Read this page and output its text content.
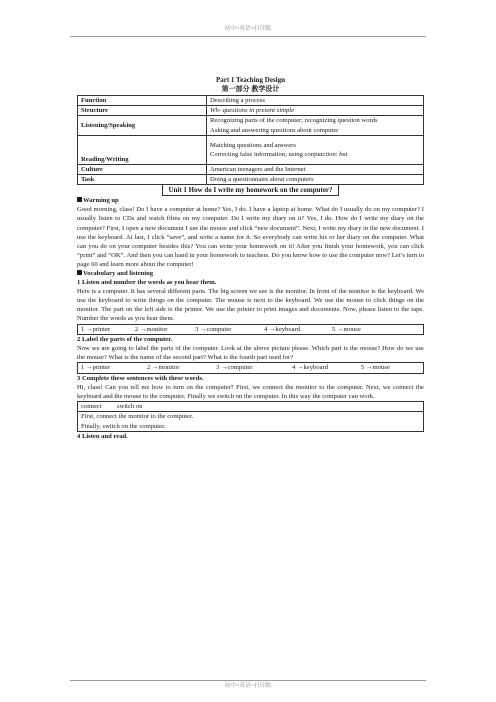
初中=英语=打印版
Part 1 Teaching Design
第一部分 教学设计
Function	Describing a process
Structure	Wh- questions in present simple
Listening/Speaking	Recognizing parts of the computer; recognizing question words
Asking and answering questions about computer

Reading/Writing	Matching questions and answers
Correcting false information; using conjunction: but

Culture	American teenagers and the Internet
Task	Doing a questionnaire about computers
Unit 1 How do I write my homework on the computer?
Warming up

Good morning, class! Do I have a computer at home? Yes, I do. I have a laptop at home. What do I usually do on my computer? I usually listen to CDs and watch films on my computer. Do I write my diary on it? Yes, I do. How do I write my diary on the computer? First, I open a new document I use the mouse and click “new document”. Next, I write my diary in the new document. I use the keyboard. At last, I click “save”, and write a name for it. So everybody can write his or her diary on the computer. What can you do on your computer besides this? You can write your homework on it! After you finish your homework, you can click “print” and “OK”. And then you can hand in your homework to teachers. Do you know how to use the computer now? Let’s turn to page 60 and learn more about the computer!

Vocabulary and listening
1 Listen and number the words as you hear them.

Here is a computer. It has several different parts. The big screen we see is the monitor. In front of the monitor is the keyboard. We use the keyboard to write things on the computer. The mouse is next to the keyboard. We use the mouse to click things on the monitor. The part on the left side is the printer. We use the printer to print images and documents. Now, please listen to the tape. Number the words as you hear them.

1 →printer	2 →monitor	3 →computer	4 →keyboard	5 →mouse
2 Label the parts of the computer.

Now we are going to label the parts of the computer. Look at the above picture please. Which part is the mouse? How do we use the mouse? What is the name of the second part? What is the fourth part used for?

1 →printer	2 →monitor	3 →computer	4 →keyboard	5 →mouse
3 Complete these sentences with these words.

Hi, class! Can you tell me how to turn on the computer? First, we connect the monitor to the computer. Next, we connect the keyboard and the mouse to the computer. Finally we switch on the computer. In this way the computer can work.

connect switch on

First, connect the monitor to the computer.
Finally, switch on the computer.
4 Listen and read.
初中=英语=打印版
